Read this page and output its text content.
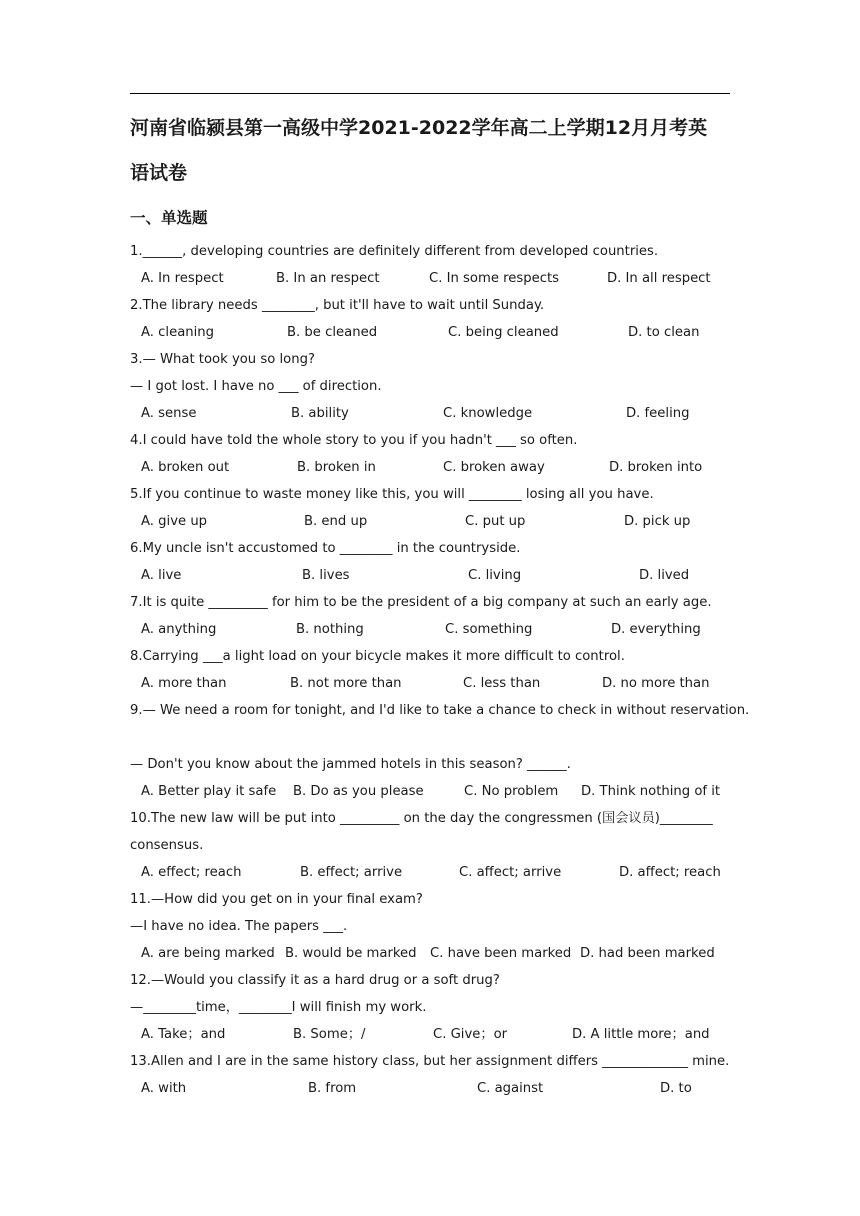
河南省临颍县第一高级中学2021-2022学年高二上学期12月月考英
语试卷
一、单选题
1.______, developing countries are definitely different from developed countries.
A. In respect	B. In an respect	C. In some respects	D. In all respect
2.The library needs ________, but it'll have to wait until Sunday.
A. cleaning	B. be cleaned	C. being cleaned	D. to clean
3.— What took you so long?
— I got lost. I have no ___ of direction.
A. sense	B. ability	C. knowledge	D. feeling
4.I could have told the whole story to you if you hadn't ___ so often.
A. broken out	B. broken in	C. broken away	D. broken into
5.If you continue to waste money like this, you will ________ losing all you have.
A. give up	B. end up	C. put up	D. pick up
6.My uncle isn't accustomed to ________ in the countryside.
A. live	B. lives	C. living	D. lived
7.It is quite _________ for him to be the president of a big company at such an early age.
A. anything	B. nothing	C. something	D. everything
8.Carrying ___a light load on your bicycle makes it more difficult to control.
A. more than	B. not more than	C. less than	D. no more than
9.— We need a room for tonight, and I'd like to take a chance to check in without reservation.
— Don't you know about the jammed hotels in this season? ______.
A. Better play it safe B. Do as you please	C. No problem D. Think nothing of it
10.The new law will be put into _________ on the day the congressmen (国会议员)________
consensus.
A. effect; reach	B. effect; arrive	C. affect; arrive	D. affect; reach
11.—How did you get on in your final exam?
—I have no idea. The papers ___.
A. are being marked B. would be marked C. have been marked D. had been marked
12.—Would you classify it as a hard drug or a soft drug?
—________time，________I will finish my work.
A. Take；and	B. Some；/	C. Give；or	D. A little more；and
13.Allen and I are in the same history class, but her assignment differs _____________ mine.
A. with	B. from	C. against	D. to
